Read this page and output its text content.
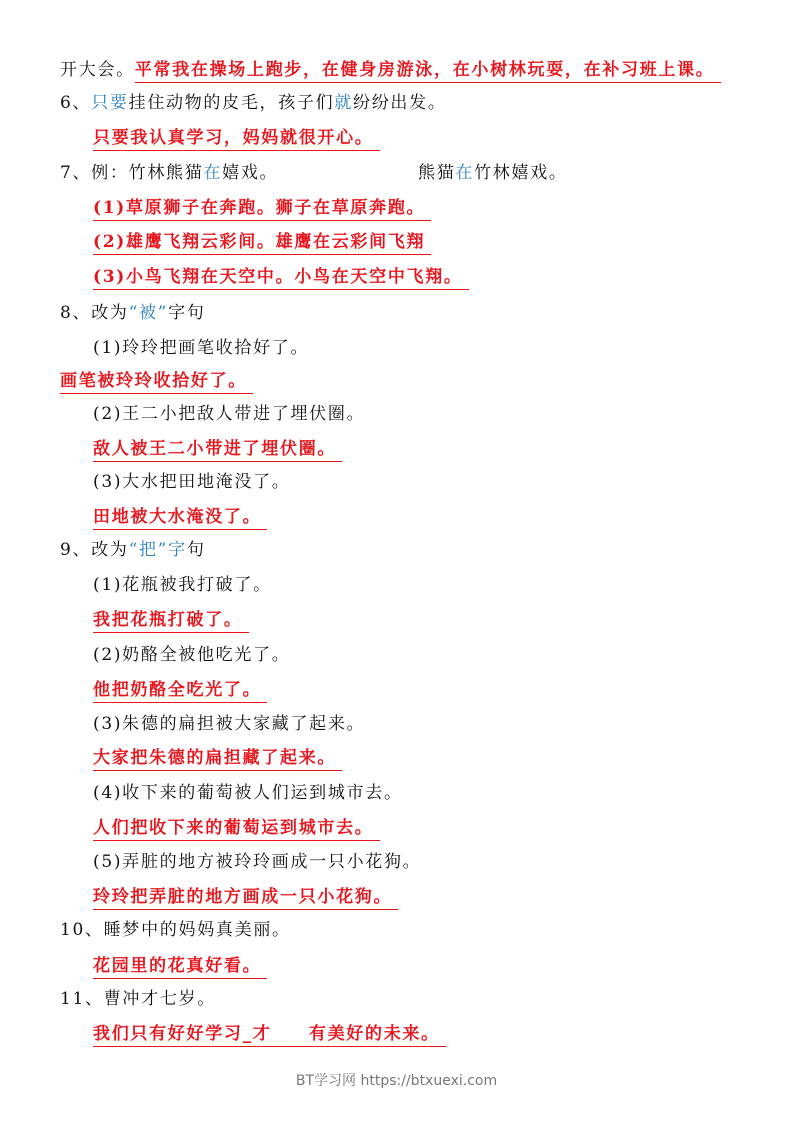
开大会。平常我在操场上跑步，在健身房游泳，在小树林玩耍，在补习班上课。
6、只要挂住动物的皮毛，孩子们就纷纷出发。
只要我认真学习，妈妈就很开心。
7、例：竹林熊猫在嬉戏。	熊猫在竹林嬉戏。
(1)草原狮子在奔跑。狮子在草原奔跑。
(2)雄鹰飞翔云彩间。雄鹰在云彩间飞翔
(3)小鸟飞翔在天空中。小鸟在天空中飞翔。
8、改为“被”字句
(1)玲玲把画笔收拾好了。
画笔被玲玲收拾好了。
(2)王二小把敌人带进了埋伏圈。
敌人被王二小带进了埋伏圈。
(3)大水把田地淹没了。
田地被大水淹没了。
9、改为“把”字句
(1)花瓶被我打破了。
我把花瓶打破了。
(2)奶酪全被他吃光了。
他把奶酪全吃光了。
(3)朱德的扁担被大家藏了起来。
大家把朱德的扁担藏了起来。
(4)收下来的葡萄被人们运到城市去。
人们把收下来的葡萄运到城市去。
(5)弄脏的地方被玲玲画成一只小花狗。
玲玲把弄脏的地方画成一只小花狗。
10、睡梦中的妈妈真美丽。
花园里的花真好看。
11、曹冲才七岁。
我们只有好好学习_才　　有美好的未来。
BT学习网 https://btxuexi.com
